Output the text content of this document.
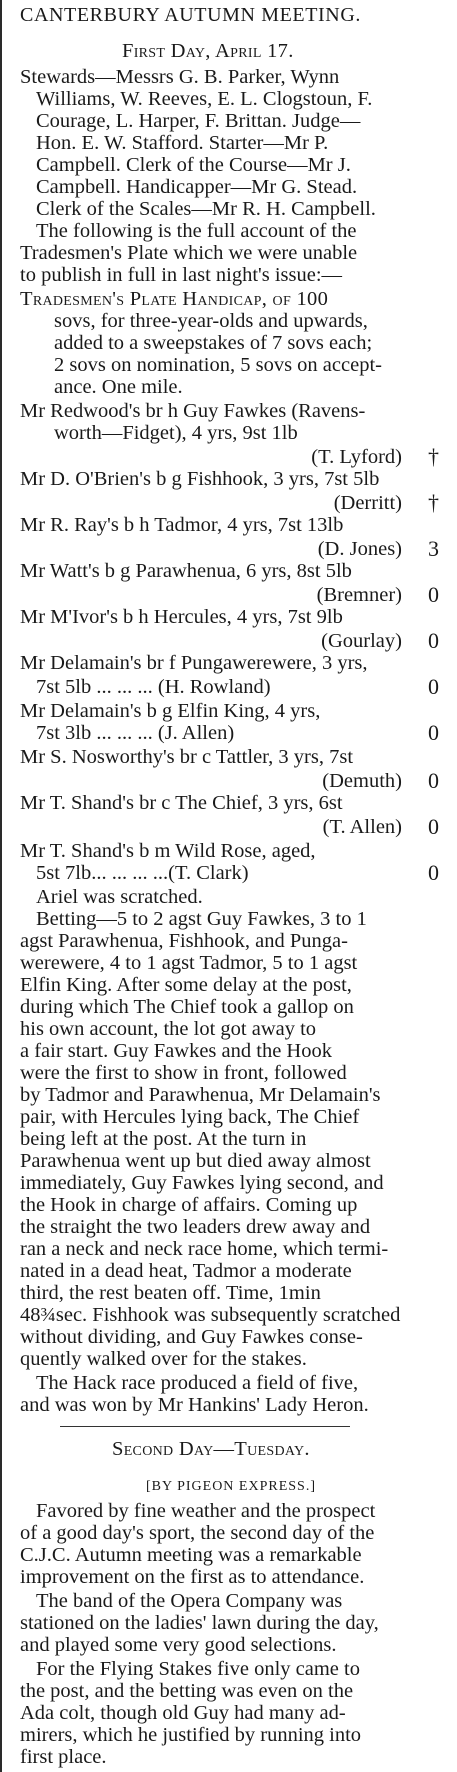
CANTERBURY AUTUMN MEETING.
First Day, April 17.
Stewards—Messrs G. B. Parker, Wynn
Williams, W. Reeves, E. L. Clogstoun, F.
Courage, L. Harper, F. Brittan. Judge—
Hon. E. W. Stafford. Starter—Mr P.
Campbell. Clerk of the Course—Mr J.
Campbell. Handicapper—Mr G. Stead.
Clerk of the Scales—Mr R. H. Campbell.
The following is the full account of the
Tradesmen's Plate which we were unable
to publish in full in last night's issue:—
Tradesmen's Plate Handicap, of 100
sovs, for three-year-olds and upwards,
added to a sweepstakes of 7 sovs each;
2 sovs on nomination, 5 sovs on accept-
ance. One mile.
Mr Redwood's br h Guy Fawkes (Ravens-
worth—Fidget), 4 yrs, 9st 1lb
(T. Lyford) †
Mr D. O'Brien's b g Fishhook, 3 yrs, 7st 5lb
(Derritt) †
Mr R. Ray's b h Tadmor, 4 yrs, 7st 13lb
(D. Jones) 3
Mr Watt's b g Parawhenua, 6 yrs, 8st 5lb
(Bremner) 0
Mr M'Ivor's b h Hercules, 4 yrs, 7st 9lb
(Gourlay) 0
Mr Delamain's br f Pungawerewere, 3 yrs,
7st 5lb ... ... ... (H. Rowland)	0
Mr Delamain's b g Elfin King, 4 yrs,
7st 3lb ... ... ... (J. Allen)	0
Mr S. Nosworthy's br c Tattler, 3 yrs, 7st
(Demuth) 0
Mr T. Shand's br c The Chief, 3 yrs, 6st
(T. Allen) 0
Mr T. Shand's b m Wild Rose, aged,
5st 7lb... ... ... ...(T. Clark)	0
Ariel was scratched.
Betting—5 to 2 agst Guy Fawkes, 3 to 1
agst Parawhenua, Fishhook, and Punga-
werewere, 4 to 1 agst Tadmor, 5 to 1 agst
Elfin King. After some delay at the post,
during which The Chief took a gallop on
his own account, the lot got away to
a fair start. Guy Fawkes and the Hook
were the first to show in front, followed
by Tadmor and Parawhenua, Mr Delamain's
pair, with Hercules lying back, The Chief
being left at the post. At the turn in
Parawhenua went up but died away almost
immediately, Guy Fawkes lying second, and
the Hook in charge of affairs. Coming up
the straight the two leaders drew away and
ran a neck and neck race home, which termi-
nated in a dead heat, Tadmor a moderate
third, the rest beaten off. Time, 1min
48¾sec. Fishhook was subsequently scratched
without dividing, and Guy Fawkes conse-
quently walked over for the stakes.
The Hack race produced a field of five,
and was won by Mr Hankins' Lady Heron.
Second Day—Tuesday.
[BY PIGEON EXPRESS.]
Favored by fine weather and the prospect
of a good day's sport, the second day of the
C.J.C. Autumn meeting was a remarkable
improvement on the first as to attendance.
The band of the Opera Company was
stationed on the ladies' lawn during the day,
and played some very good selections.
For the Flying Stakes five only came to
the post, and the betting was even on the
Ada colt, though old Guy had many ad-
mirers, which he justified by running into
first place.
